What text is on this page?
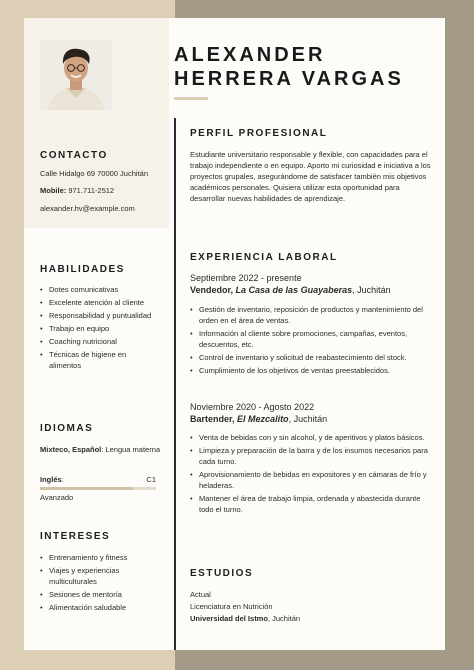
CONTACTO

Calle Hidalgo 69 70000 Juchitán

Mobile: 971.711-2512

alexander.hv@example.com

HABILIDADES
• Dotes comunicativas
• Excelente atención al cliente
• Responsabilidad y puntualidad
• Trabajo en equipo
• Coaching nutricional
• Técnicas de higiene en alimentos
IDIOMAS

Mixteco, Español: Lengua materna

Inglés:	C1

Avanzado

INTERESES
• Entrenamiento y fitness
• Viajes y experiencias multiculturales
• Sesiones de mentoría
• Alimentación saludable
ALEXANDER HERRERA VARGAS
PERFIL PROFESIONAL

Estudiante universitario responsable y flexible, con capacidades para el trabajo independiente o en equipo. Aporto mi curiosidad e iniciativa a los proyectos grupales, asegurándome de satisfacer también mis objetivos académicos personales. Quisiera utilizar esta oportunidad para desarrollar nuevas habilidades de aprendizaje.

EXPERIENCIA LABORAL

Septiembre 2022 - presente

Vendedor, La Casa de las Guayaberas, Juchitán

• Gestión de inventario, reposición de productos y mantenimiento del orden en el área de ventas.
• Información al cliente sobre promociones, campañas, eventos, descuentos, etc.
• Control de inventario y solicitud de reabastecimiento del stock.
• Cumplimiento de los objetivos de ventas preestablecidos.

Noviembre 2020 - Agosto 2022

Bartender, El Mezcalito, Juchitán

• Venta de bebidas con y sin alcohol, y de aperitivos y platos básicos.
• Limpieza y preparación de la barra y de los insumos necesarios para cada turno.
• Aprovisionamiento de bebidas en expositores y en cámaras de frío y heladeras.
• Mantener el área de trabajo limpia, ordenada y abastecida durante todo el turno.
ESTUDIOS

Actual

Licenciatura en Nutrición

Universidad del Istmo, Juchitán
